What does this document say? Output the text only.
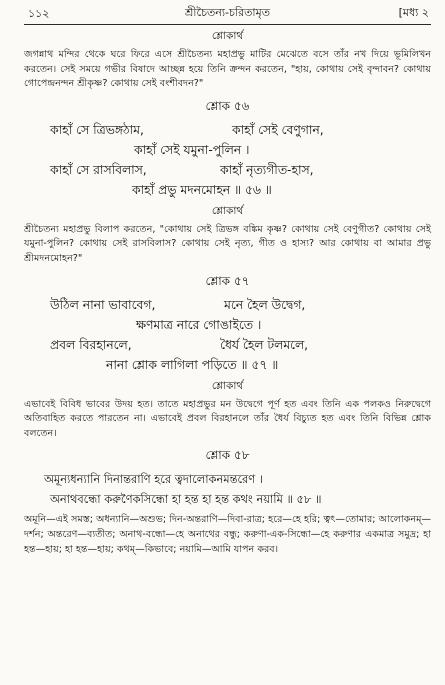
১১২	শ্রীচৈতন্য-চরিতামৃত	[মধ্য ২
শ্লোকার্থ

জগন্নাথ মন্দির থেকে ঘরে ফিরে এসে শ্রীচৈতন্য মহাপ্রভু মাটির মেঝেতে বসে তাঁর নখ দিয়ে ভূমিলিখন করতেন। সেই সময়ে গভীর বিষাদে আচ্ছন্ন হয়ে তিনি ক্রন্দন করতেন, "হায়, কোথায় সেই বৃন্দাবন? কোথায় গোপেন্দ্রনন্দন শ্রীকৃষ্ণ? কোথায় সেই বংশীবদন?"

শ্লোক ৫৬
কাহাঁ সে ত্রিভঙ্গঠাম,	কাহাঁ সেই বেণুগান,
কাহাঁ সেই যমুনা-পুলিন ।
কাহাঁ সে রাসবিলাস,	কাহাঁ নৃত্যগীত-হাস,
কাহাঁ প্রভু মদনমোহন ॥ ৫৬ ॥
শ্লোকার্থ

শ্রীচৈতন্য মহাপ্রভু বিলাপ করতেন, "কোথায় সেই ত্রিভঙ্গ বঙ্কিম কৃষ্ণ? কোথায় সেই বেণুগীত? কোথায় সেই যমুনা-পুলিন? কোথায় সেই রাসবিলাস? কোথায় সেই নৃত্য, গীত ও হাস্য? আর কোথায় বা আমার প্রভু শ্রীমদনমোহন?"

শ্লোক ৫৭
উঠিল নানা ভাবাবেগ,	মনে হৈল উদ্বেগ,
ক্ষণমাত্র নারে গোঙাইতে ।
প্রবল বিরহানলে,	ধৈর্য হৈল টলমলে,
নানা শ্লোক লাগিলা পড়িতে ॥ ৫৭ ॥
শ্লোকার্থ

এভাবেই বিবিধ ভাবের উদয় হত। তাতে মহাপ্রভুর মন উদ্বেগে পূর্ণ হত এবং তিনি এক পলকও নিরুদ্বেগে অতিবাহিত করতে পারতেন না। এভাবেই প্রবল বিরহানলে তাঁর ধৈর্য বিচ্যুত হত এবং তিনি বিভিন্ন শ্লোক বলতেন।

শ্লোক ৫৮
অমূন্যধন্যানি দিনান্তরাণি হরে ত্বদালোকনমন্তরেণ ।
অনাথবন্ধো করুণৈকসিন্ধো হা হন্ত হা হন্ত কথং নয়ামি ॥ ৫৮ ॥

অমূনি—এই সমস্ত; অধন্যানি—অশুভ; দিন-অন্তরাণি—দিবা-রাত্র; হরে—হে হরি; ত্বৎ—তোমার; আলোকনম্—দর্শন; অন্তরেণ—ব্যতীত; অনাথ-বন্ধো—হে অনাথের বন্ধু; করুণা-এক-সিন্ধো—হে করুণার একমাত্র সমুদ্র; হা হন্ত—হায়; হা হন্ত—হায়; কথম্—কিভাবে; নয়ামি—আমি যাপন করব।
